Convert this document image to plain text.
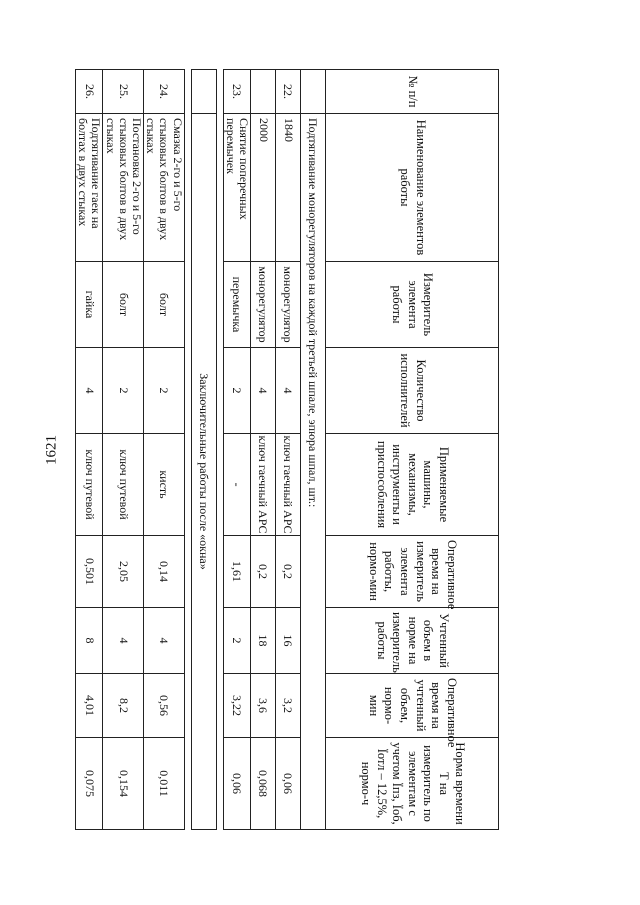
1621
№ п/п	Наименование элементов работы	Измеритель элемента работы	Количество исполнителей	Применяемые машины, механизмы, инструменты и приспособления	Оперативное время на измеритель элемента работы, нормо-мин	Учтенный объем в норме на измеритель работы	Оперативное время на учтенный объем, нормо-мин	Норма времени Т на измеритель по элементам с учетом Ïпз, Ïоб, Ïотл – 12,5%, нормо-ч
	Подтягивание монорегуляторов на каждой третьей шпале, эпюра шпал, шт.:							
22.	1840	монорегулятор	4	ключ гаечный АРС	0,2	16	3,2	0,06
	2000	монорегулятор	4	ключ гаечный АРС	0,2	18	3,6	0,068
23.	Снятие поперечных перемычек	перемычка	2	-	1,61	2	3,22	0,06

	Заключительные работы после «окна»							

24.	Смазка 2-го и 5-го стыковых болтов в двух стыках	болт	2	кисть	0,14	4	0,56	0,011
25.	Постановка 2-го и 5-го стыковых болтов в двух стыках	болт	2	ключ путевой	2,05	4	8,2	0,154
26.	Подтягивание гаек на болтах в двух стыках	гайка	4	ключ путевой	0,501	8	4,01	0,075
